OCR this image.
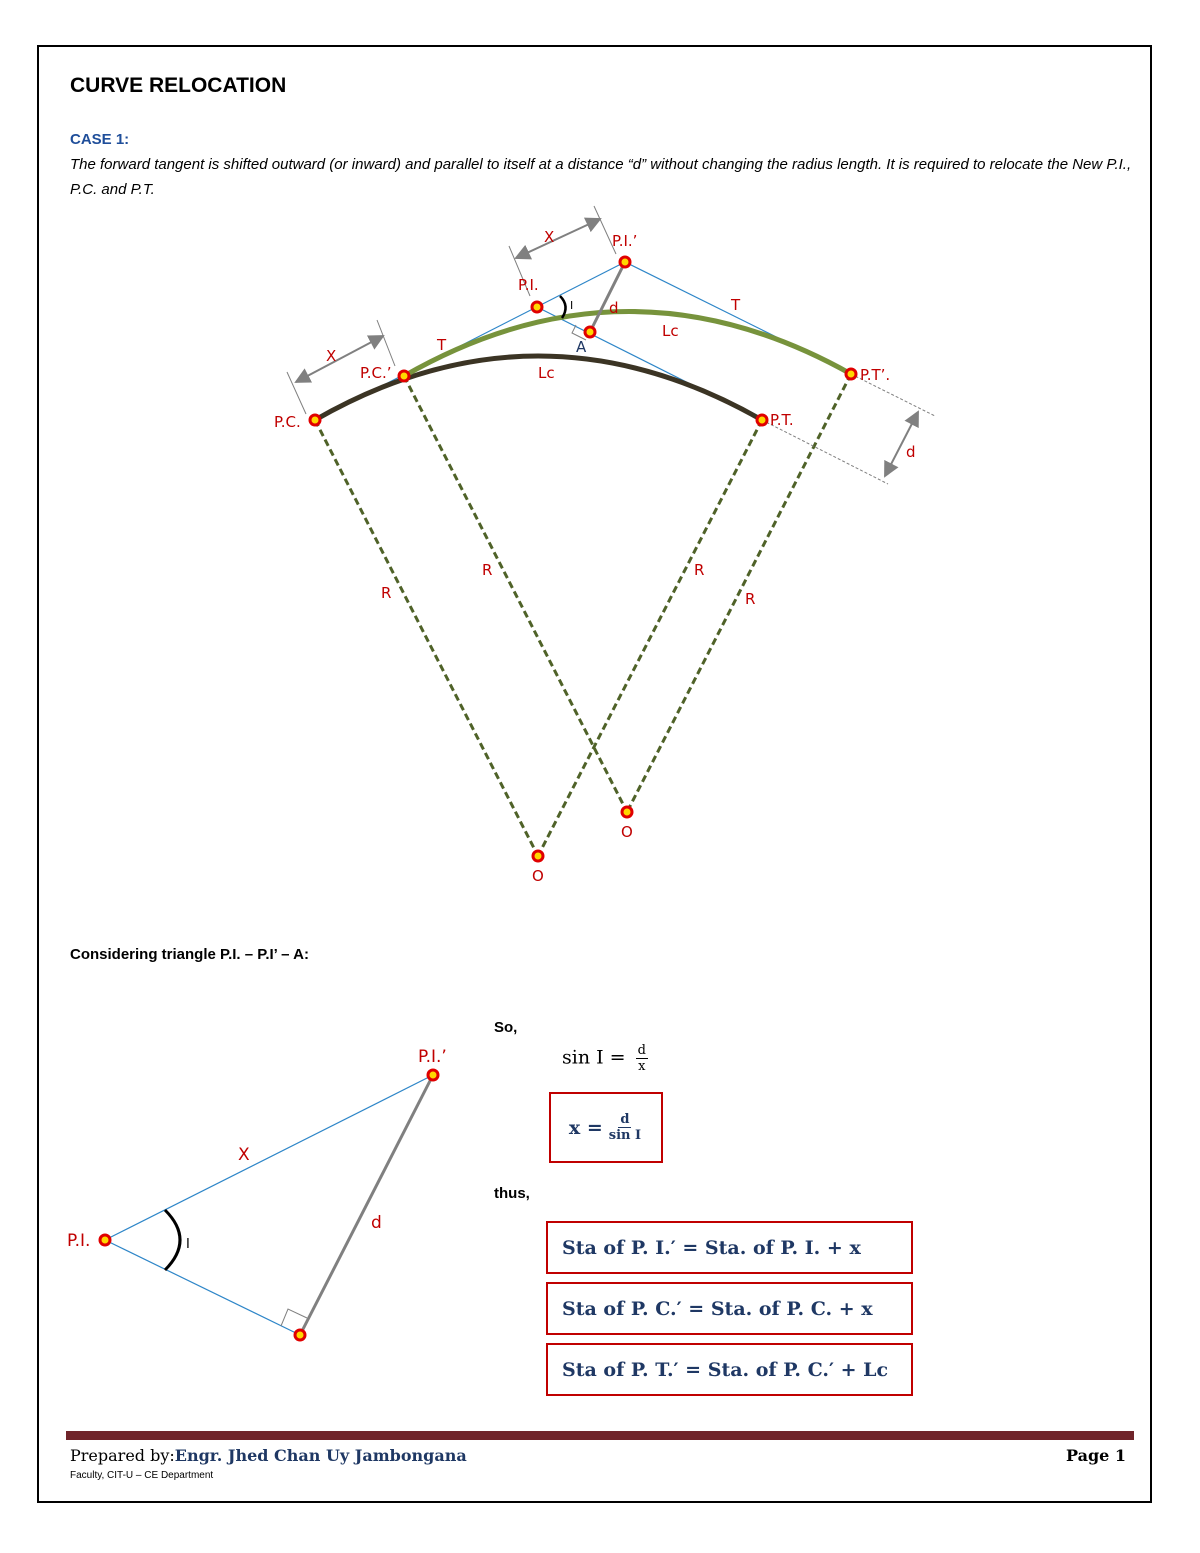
CURVE RELOCATION
CASE 1:
The forward tangent is shifted outward (or inward) and parallel to itself at a distance “d” without changing the radius length. It is required to relocate the New P.I., P.C. and P.T.
P.C.
P.C.’
P.I.
P.I.’
P.T.
P.T’.
X
X
T
T
Lc
Lc
d
d
R
R	R
R
O
O
A
I
Considering triangle P.I. – P.I’ – A:
P.I.
P.I.’
X
d
I
So,
$\sin I = \frac{d}{x}$
$x = \frac{d}{\text{sin I}}$
thus,
Sta of P. I.′ = Sta. of P. I. + x
Sta of P. C.′ = Sta. of P. C. + x
Sta of P. T.′ = Sta. of P. C.′ + Lc
Prepared by:Engr. Jhed Chan Uy Jambongana
Faculty, CIT-U – CE Department
Page 1
